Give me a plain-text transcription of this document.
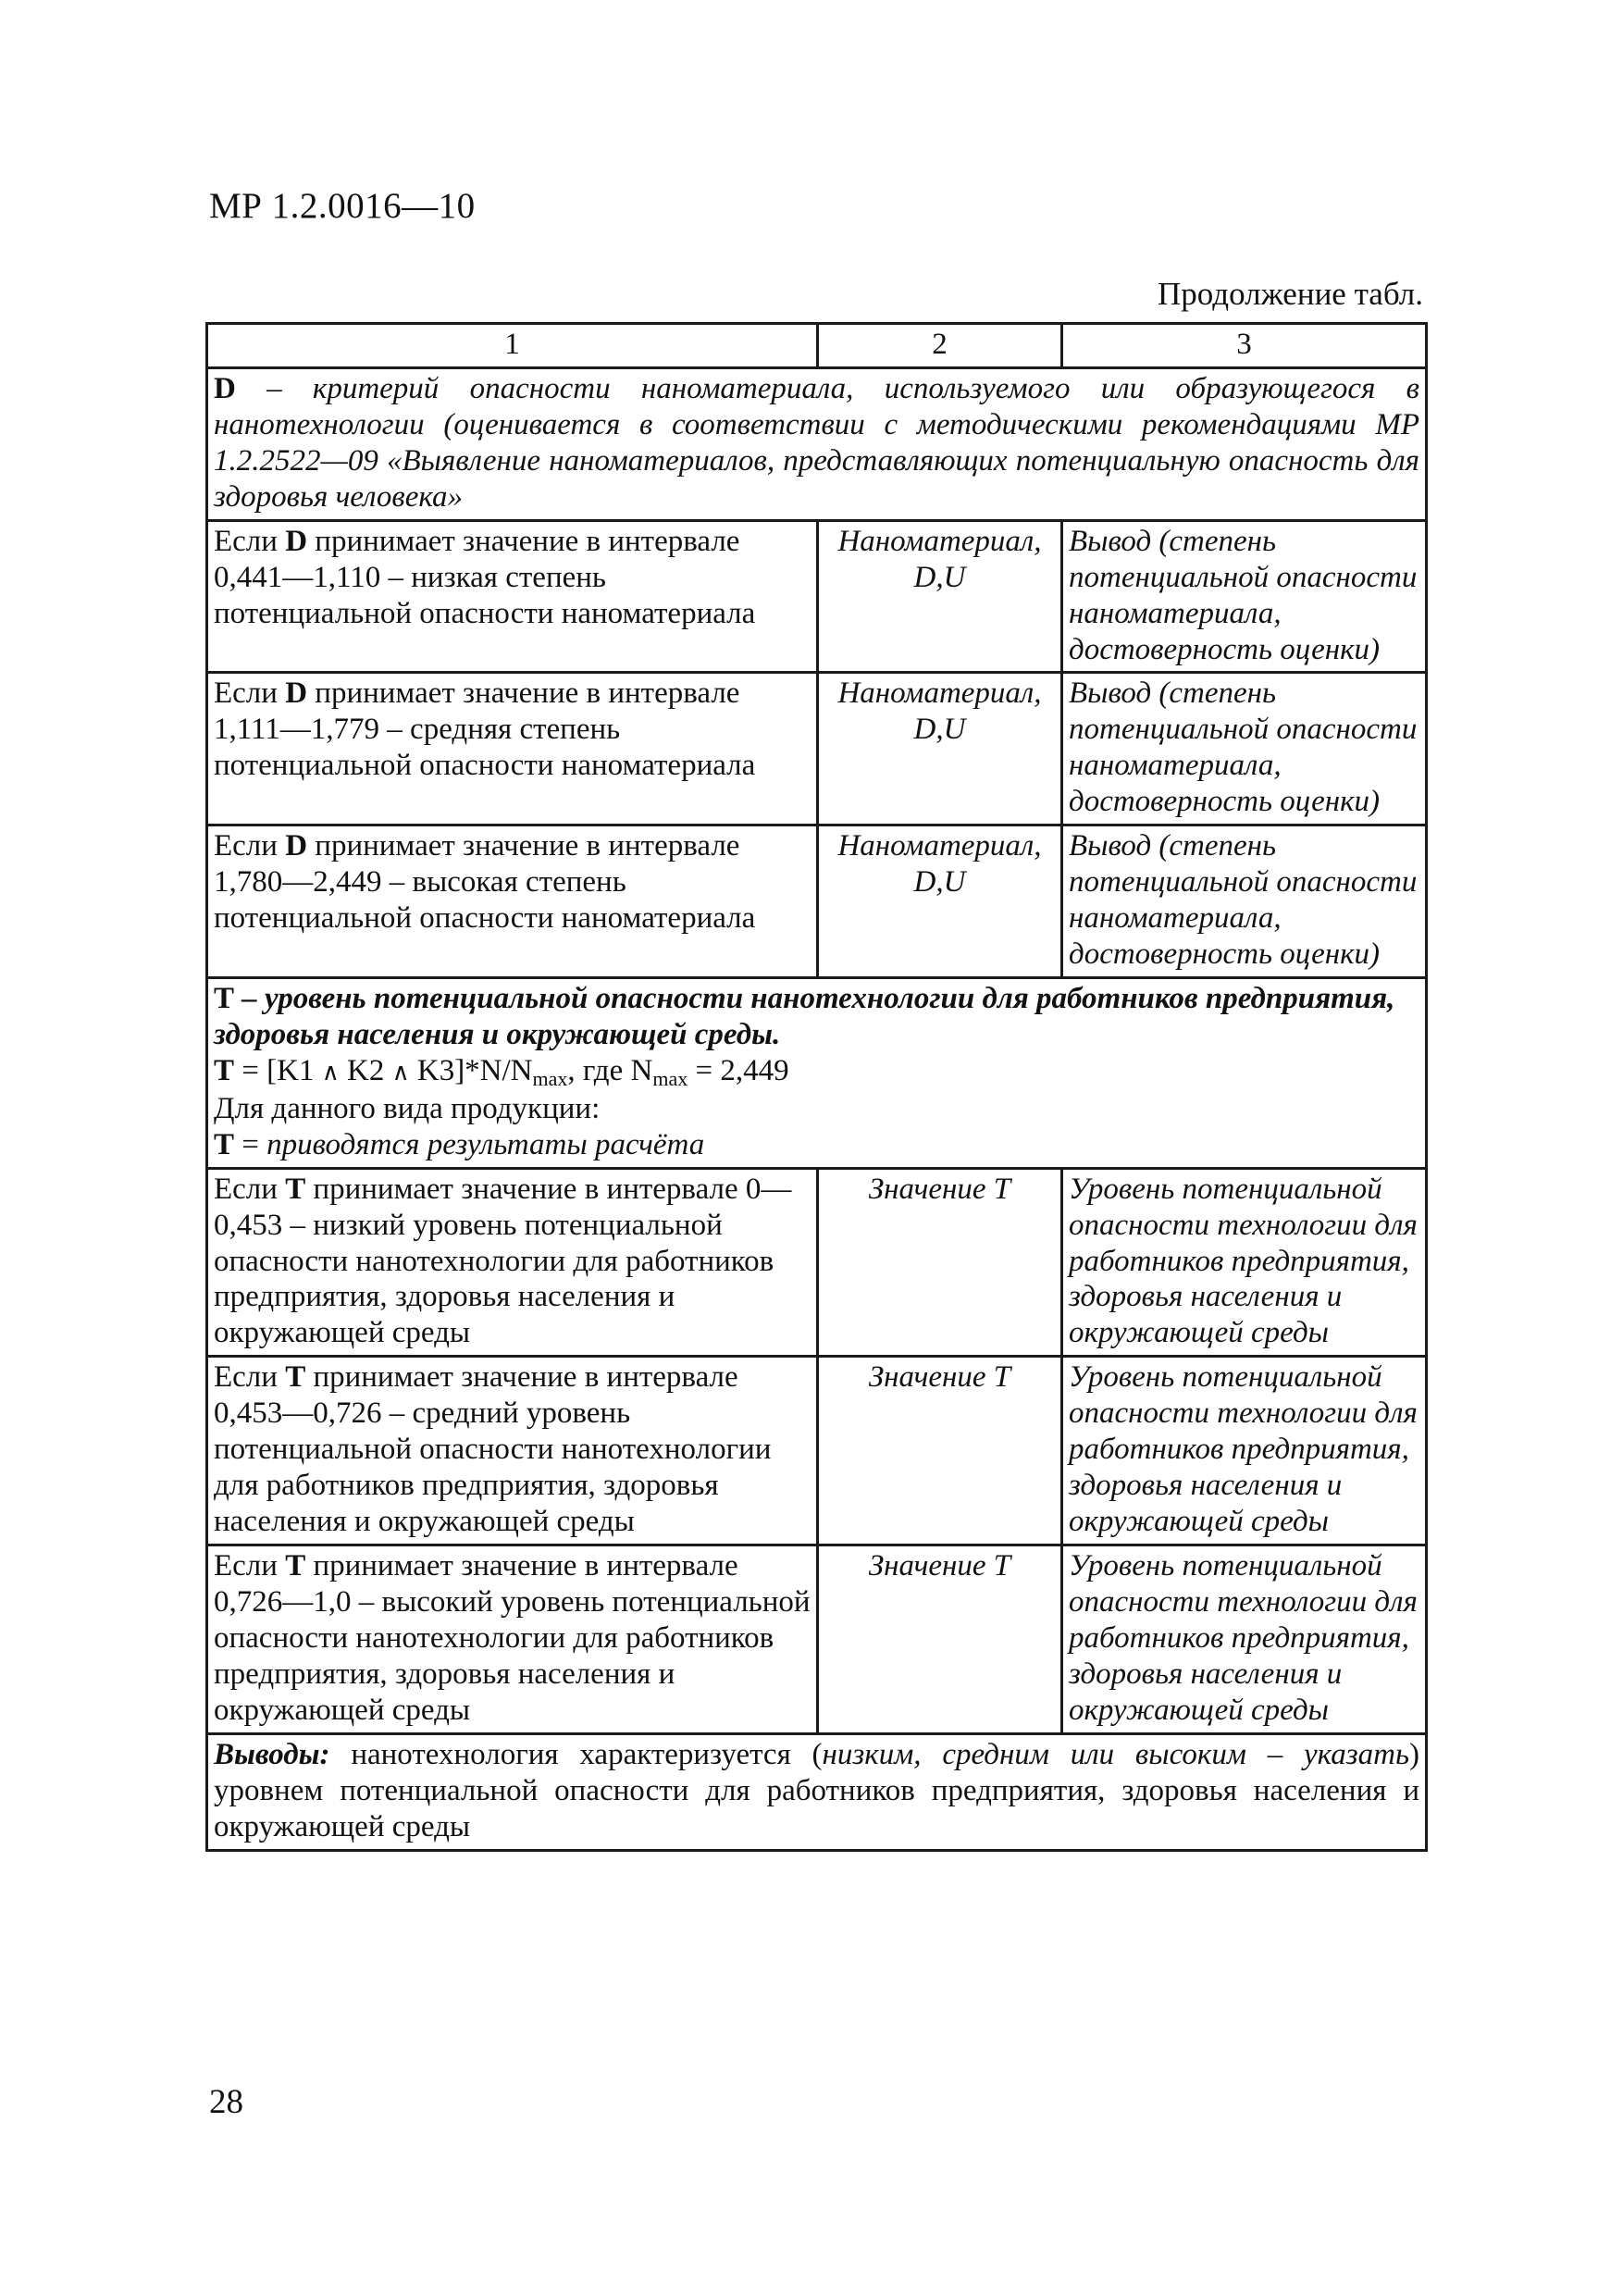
МР 1.2.0016—10
Продолжение табл.
1	2	3
D – критерий опасности наноматериала, используемого или образующегося в нанотехнологии (оценивается в соответствии с методическими рекомендациями МР 1.2.2522—09 «Выявление наноматериалов, представляющих потенциальную опасность для здоровья человека»		
Если D принимает значение в интервале 0,441—1,110 – низкая степень потенциальной опасности наноматериала	Наноматериал, D,U	Вывод (степень потенциальной опасности наноматериала, достоверность оценки)
Если D принимает значение в интервале 1,111—1,779 – средняя степень потенциальной опасности наноматериала	Наноматериал, D,U	Вывод (степень потенциальной опасности наноматериала, достоверность оценки)
Если D принимает значение в интервале 1,780—2,449 – высокая степень потенциальной опасности наноматериала	Наноматериал, D,U	Вывод (степень потенциальной опасности наноматериала, достоверность оценки)

T – уровень потенциальной опасности нанотехнологии для работников предприятия, здоровья населения и окружающей среды.
T = [K1 ∧ K2 ∧ $K3]*N/N_{max}$, где $N_{max} = 2,449$
Для данного вида продукции:
T = приводятся результаты расчёта		

Если T принимает значение в интервале 0—0,453 – низкий уровень потенциальной опасности нанотехнологии для работников предприятия, здоровья населения и окружающей среды	Значение T	Уровень потенциальной опасности технологии для работников предприятия, здоровья населения и окружающей среды
Если T принимает значение в интервале 0,453—0,726 – средний уровень потенциальной опасности нанотехнологии для работников предприятия, здоровья населения и окружающей среды	Значение T	Уровень потенциальной опасности технологии для работников предприятия, здоровья населения и окружающей среды
Если T принимает значение в интервале 0,726—1,0 – высокий уровень потенциальной опасности нанотехнологии для работников предприятия, здоровья населения и окружающей среды	Значение T	Уровень потенциальной опасности технологии для работников предприятия, здоровья населения и окружающей среды
Выводы: нанотехнология характеризуется (низким, средним или высоким – указать) уровнем потенциальной опасности для работников предприятия, здоровья населения и окружающей среды		
28
